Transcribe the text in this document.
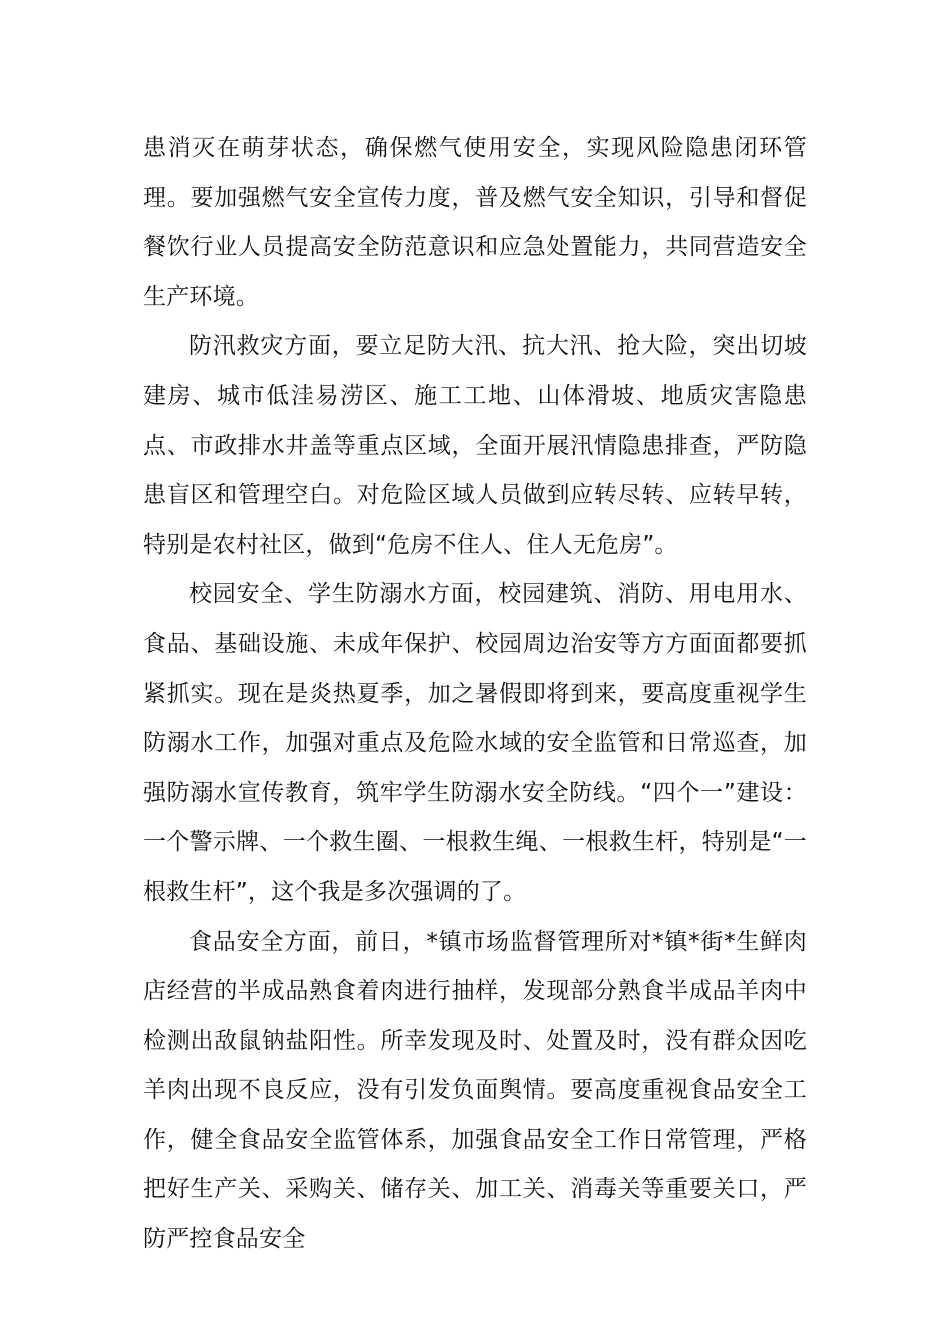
患消灭在萌芽状态，确保燃气使用安全，实现风险隐患闭环管理。要加强燃气安全宣传力度，普及燃气安全知识，引导和督促餐饮行业人员提高安全防范意识和应急处置能力，共同营造安全生产环境。

防汛救灾方面，要立足防大汛、抗大汛、抢大险，突出切坡建房、城市低洼易涝区、施工工地、山体滑坡、地质灾害隐患点、市政排水井盖等重点区域，全面开展汛情隐患排查，严防隐患盲区和管理空白。对危险区域人员做到应转尽转、应转早转，特别是农村社区，做到“危房不住人、住人无危房”。

校园安全、学生防溺水方面，校园建筑、消防、用电用水、食品、基础设施、未成年保护、校园周边治安等方方面面都要抓紧抓实。现在是炎热夏季，加之暑假即将到来，要高度重视学生防溺水工作，加强对重点及危险水域的安全监管和日常巡查，加强防溺水宣传教育，筑牢学生防溺水安全防线。“四个一”建设：一个警示牌、一个救生圈、一根救生绳、一根救生杆，特别是“一根救生杆”，这个我是多次强调的了。

食品安全方面，前日，*镇市场监督管理所对*镇*街*生鲜肉店经营的半成品熟食着肉进行抽样，发现部分熟食半成品羊肉中检测出敌鼠钠盐阳性。所幸发现及时、处置及时，没有群众因吃羊肉出现不良反应，没有引发负面舆情。要高度重视食品安全工作，健全食品安全监管体系，加强食品安全工作日常管理，严格把好生产关、采购关、储存关、加工关、消毒关等重要关口，严防严控食品安全
